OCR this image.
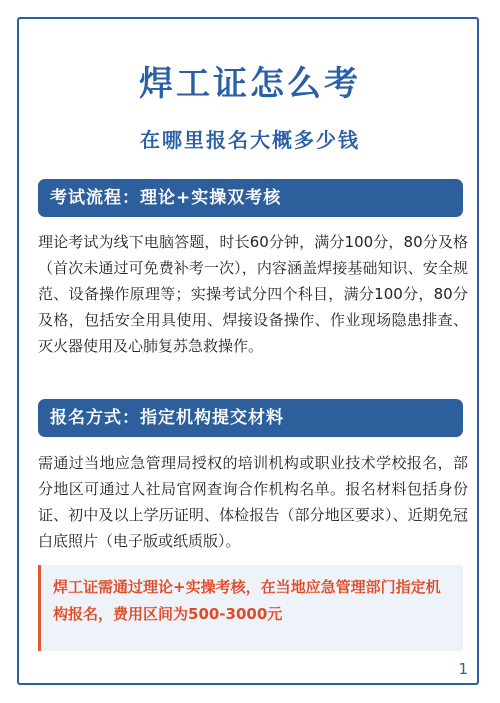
焊工证怎么考
在哪里报名大概多少钱
考试流程：理论+实操双考核
理论考试为线下电脑答题，时长60分钟，满分100分，80分及格（首次未通过可免费补考一次），内容涵盖焊接基础知识、安全规范、设备操作原理等；实操考试分四个科目，满分100分，80分及格，包括安全用具使用、焊接设备操作、作业现场隐患排查、灭火器使用及心肺复苏急救操作。
报名方式：指定机构提交材料
需通过当地应急管理局授权的培训机构或职业技术学校报名，部分地区可通过人社局官网查询合作机构名单。报名材料包括身份证、初中及以上学历证明、体检报告（部分地区要求）、近期免冠白底照片（电子版或纸质版）。
焊工证需通过理论+实操考核，在当地应急管理部门指定机构报名，费用区间为500-3000元
1
